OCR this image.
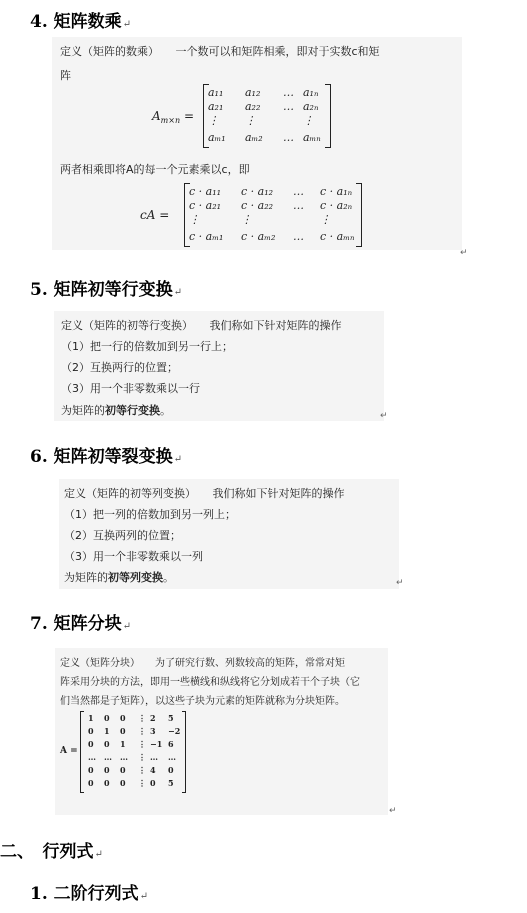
4. 矩阵数乘↵
定义（矩阵的数乘）　　一个数可以和矩阵相乘，即对于实数c和矩
阵
$A_{m\times n}$ =
a₁₁ a₁₂ … a₁ₙ
a₂₁ a₂₂ … a₂ₙ
⋮ ⋮	⋮
aₘ₁ aₘ₂ … aₘₙ
两者相乘即将A的每一个元素乘以c，即
cA =
c · a₁₁ c · a₁₂ … c · a₁ₙ
c · a₂₁ c · a₂₂ … c · a₂ₙ
⋮	⋮	⋮
c · aₘ₁ c · aₘ₂ … c · aₘₙ
↵
5. 矩阵初等行变换↵
定义（矩阵的初等行变换）　　我们称如下针对矩阵的操作
（1）把一行的倍数加到另一行上；
（2）互换两行的位置；
（3）用一个非零数乘以一行
为矩阵的初等行变换。	↵
6. 矩阵初等裂变换↵
定义（矩阵的初等列变换）　　我们称如下针对矩阵的操作
（1）把一列的倍数加到另一列上；
（2）互换两列的位置；
（3）用一个非零数乘以一列
为矩阵的初等列变换。	↵
7. 矩阵分块↵
定义（矩阵分块）　　为了研究行数、列数较高的矩阵，常常对矩
阵采用分块的方法，即用一些横线和纵线将它分划成若干个子块（它
们当然都是子矩阵），以这些子块为元素的矩阵就称为分块矩阵。
A =
1 0 0 ⋮ 2 5
0 1 0 ⋮ 3 −2
0 0 1 ⋮ −1 6
… … … ⋮ … …
0 0 0 ⋮ 4 0
0 0 0 ⋮ 0 5
↵
二、　行列式↵
1. 二阶行列式↵
